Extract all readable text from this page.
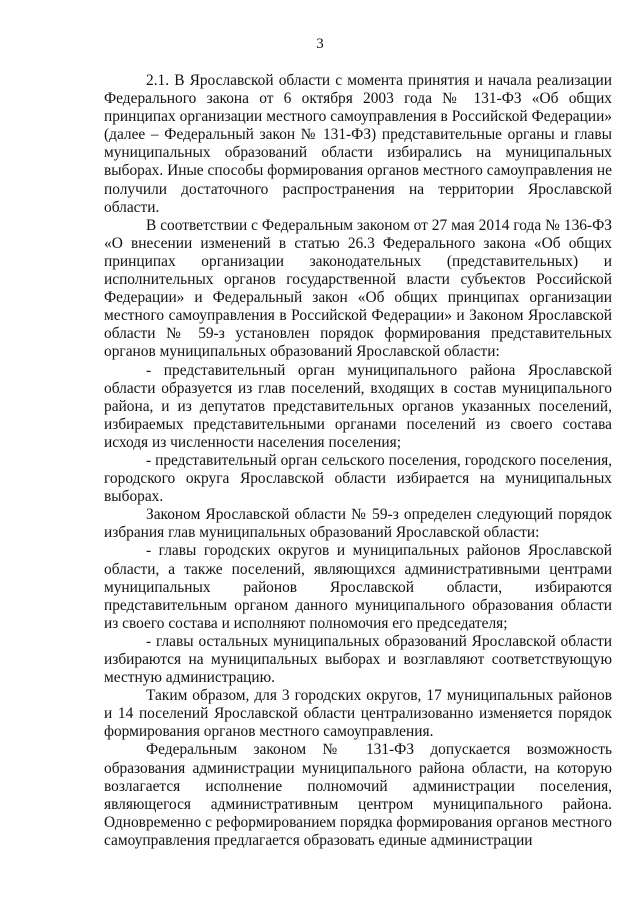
3

2.1. В Ярославской области с момента принятия и начала реализации Федерального закона от 6 октября 2003 года № 131-ФЗ «Об общих принципах организации местного самоуправления в Российской Федерации» (далее – Федеральный закон № 131-ФЗ) представительные органы и главы муниципальных образований области избирались на муниципальных выборах. Иные способы формирования органов местного самоуправления не получили достаточного распространения на территории Ярославской области.

В соответствии с Федеральным законом от 27 мая 2014 года № 136-ФЗ «О внесении изменений в статью 26.3 Федерального закона «Об общих принципах организации законодательных (представительных) и исполнительных органов государственной власти субъектов Российской Федерации» и Федеральный закон «Об общих принципах организации местного самоуправления в Российской Федерации» и Законом Ярославской области № 59-з установлен порядок формирования представительных органов муниципальных образований Ярославской области:

- представительный орган муниципального района Ярославской области образуется из глав поселений, входящих в состав муниципального района, и из депутатов представительных органов указанных поселений, избираемых представительными органами поселений из своего состава исходя из численности населения поселения;

- представительный орган сельского поселения, городского поселения, городского округа Ярославской области избирается на муниципальных выборах.

Законом Ярославской области № 59-з определен следующий порядок избрания глав муниципальных образований Ярославской области:

- главы городских округов и муниципальных районов Ярославской области, а также поселений, являющихся административными центрами муниципальных районов Ярославской области, избираются представительным органом данного муниципального образования области из своего состава и исполняют полномочия его председателя;

- главы остальных муниципальных образований Ярославской области избираются на муниципальных выборах и возглавляют соответствующую местную администрацию.

Таким образом, для 3 городских округов, 17 муниципальных районов и 14 поселений Ярославской области централизованно изменяется порядок формирования органов местного самоуправления.

Федеральным законом № 131-ФЗ допускается возможность образования администрации муниципального района области, на которую возлагается исполнение полномочий администрации поселения, являющегося административным центром муниципального района. Одновременно с реформированием порядка формирования органов местного самоуправления предлагается образовать единые администрации
